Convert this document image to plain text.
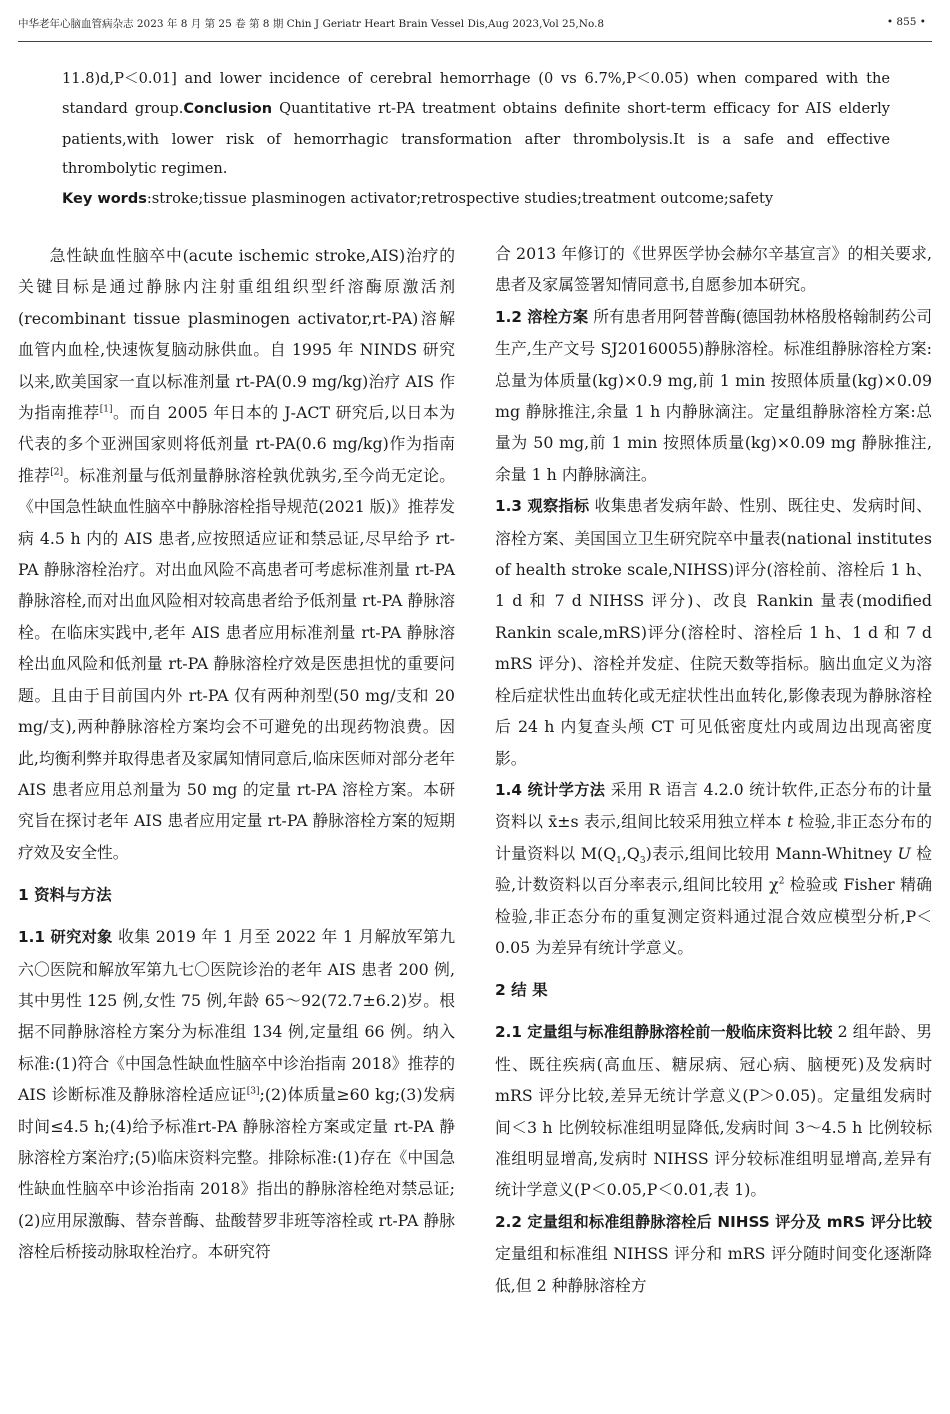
中华老年心脑血管病杂志 2023 年 8 月 第 25 卷 第 8 期 Chin J Geriatr Heart Brain Vessel Dis,Aug 2023,Vol 25,No.8	• 855 •

11.8)d,P＜0.01] and lower incidence of cerebral hemorrhage (0 vs 6.7%,P＜0.05) when compared with the standard group.Conclusion Quantitative rt-PA treatment obtains definite short-term efficacy for AIS elderly patients,with lower risk of hemorrhagic transformation after thrombolysis.It is a safe and effective thrombolytic regimen.

Key words:stroke;tissue plasminogen activator;retrospective studies;treatment outcome;safety

急性缺血性脑卒中(acute ischemic stroke,AIS)治疗的关键目标是通过静脉内注射重组组织型纤溶酶原激活剂(recombinant tissue plasminogen activator,rt-PA)溶解血管内血栓,快速恢复脑动脉供血。自 1995 年 NINDS 研究以来,欧美国家一直以标准剂量 rt-PA(0.9 mg/kg)治疗 AIS 作为指南推荐[1]。而自 2005 年日本的 J-ACT 研究后,以日本为代表的多个亚洲国家则将低剂量 rt-PA(0.6 mg/kg)作为指南推荐[2]。标准剂量与低剂量静脉溶栓孰优孰劣,至今尚无定论。《中国急性缺血性脑卒中静脉溶栓指导规范(2021 版)》推荐发病 4.5 h 内的 AIS 患者,应按照适应证和禁忌证,尽早给予 rt-PA 静脉溶栓治疗。对出血风险不高患者可考虑标准剂量 rt-PA 静脉溶栓,而对出血风险相对较高患者给予低剂量 rt-PA 静脉溶栓。在临床实践中,老年 AIS 患者应用标准剂量 rt-PA 静脉溶栓出血风险和低剂量 rt-PA 静脉溶栓疗效是医患担忧的重要问题。且由于目前国内外 rt-PA 仅有两种剂型(50 mg/支和 20 mg/支),两种静脉溶栓方案均会不可避免的出现药物浪费。因此,均衡利弊并取得患者及家属知情同意后,临床医师对部分老年 AIS 患者应用总剂量为 50 mg 的定量 rt-PA 溶栓方案。本研究旨在探讨老年 AIS 患者应用定量 rt-PA 静脉溶栓方案的短期疗效及安全性。

1 资料与方法

1.1 研究对象 收集 2019 年 1 月至 2022 年 1 月解放军第九六〇医院和解放军第九七〇医院诊治的老年 AIS 患者 200 例,其中男性 125 例,女性 75 例,年龄 65～92(72.7±6.2)岁。根据不同静脉溶栓方案分为标准组 134 例,定量组 66 例。纳入标准:(1)符合《中国急性缺血性脑卒中诊治指南 2018》推荐的 AIS 诊断标准及静脉溶栓适应证[3];(2)体质量≥60 kg;(3)发病时间≤4.5 h;(4)给予标准rt-PA 静脉溶栓方案或定量 rt-PA 静脉溶栓方案治疗;(5)临床资料完整。排除标准:(1)存在《中国急性缺血性脑卒中诊治指南 2018》指出的静脉溶栓绝对禁忌证;(2)应用尿激酶、替奈普酶、盐酸替罗非班等溶栓或 rt-PA 静脉溶栓后桥接动脉取栓治疗。本研究符

合 2013 年修订的《世界医学协会赫尔辛基宣言》的相关要求,患者及家属签署知情同意书,自愿参加本研究。

1.2 溶栓方案 所有患者用阿替普酶(德国勃林格殷格翰制药公司生产,生产文号 SJ20160055)静脉溶栓。标准组静脉溶栓方案:总量为体质量(kg)×0.9 mg,前 1 min 按照体质量(kg)×0.09 mg 静脉推注,余量 1 h 内静脉滴注。定量组静脉溶栓方案:总量为 50 mg,前 1 min 按照体质量(kg)×0.09 mg 静脉推注,余量 1 h 内静脉滴注。

1.3 观察指标 收集患者发病年龄、性别、既往史、发病时间、溶栓方案、美国国立卫生研究院卒中量表(national institutes of health stroke scale,NIHSS)评分(溶栓前、溶栓后 1 h、1 d 和 7 d NIHSS 评分)、改良 Rankin 量表(modified Rankin scale,mRS)评分(溶栓时、溶栓后 1 h、1 d 和 7 d mRS 评分)、溶栓并发症、住院天数等指标。脑出血定义为溶栓后症状性出血转化或无症状性出血转化,影像表现为静脉溶栓后 24 h 内复查头颅 CT 可见低密度灶内或周边出现高密度影。

1.4 统计学方法 采用 R 语言 4.2.0 统计软件,正态分布的计量资料以 x̄±s 表示,组间比较采用独立样本 t 检验,非正态分布的计量资料以 $M(Q_1,Q_3)$表示,组间比较用 Mann-Whitney U 检验,计数资料以百分率表示,组间比较用 $\chi^2$ 检验或 Fisher 精确检验,非正态分布的重复测定资料通过混合效应模型分析,P＜0.05 为差异有统计学意义。

2 结 果

2.1 定量组与标准组静脉溶栓前一般临床资料比较 2 组年龄、男性、既往疾病(高血压、糖尿病、冠心病、脑梗死)及发病时 mRS 评分比较,差异无统计学意义(P＞0.05)。定量组发病时间＜3 h 比例较标准组明显降低,发病时间 3～4.5 h 比例较标准组明显增高,发病时 NIHSS 评分较标准组明显增高,差异有统计学意义(P＜0.05,P＜0.01,表 1)。

2.2 定量组和标准组静脉溶栓后 NIHSS 评分及 mRS 评分比较 定量组和标准组 NIHSS 评分和 mRS 评分随时间变化逐渐降低,但 2 种静脉溶栓方
